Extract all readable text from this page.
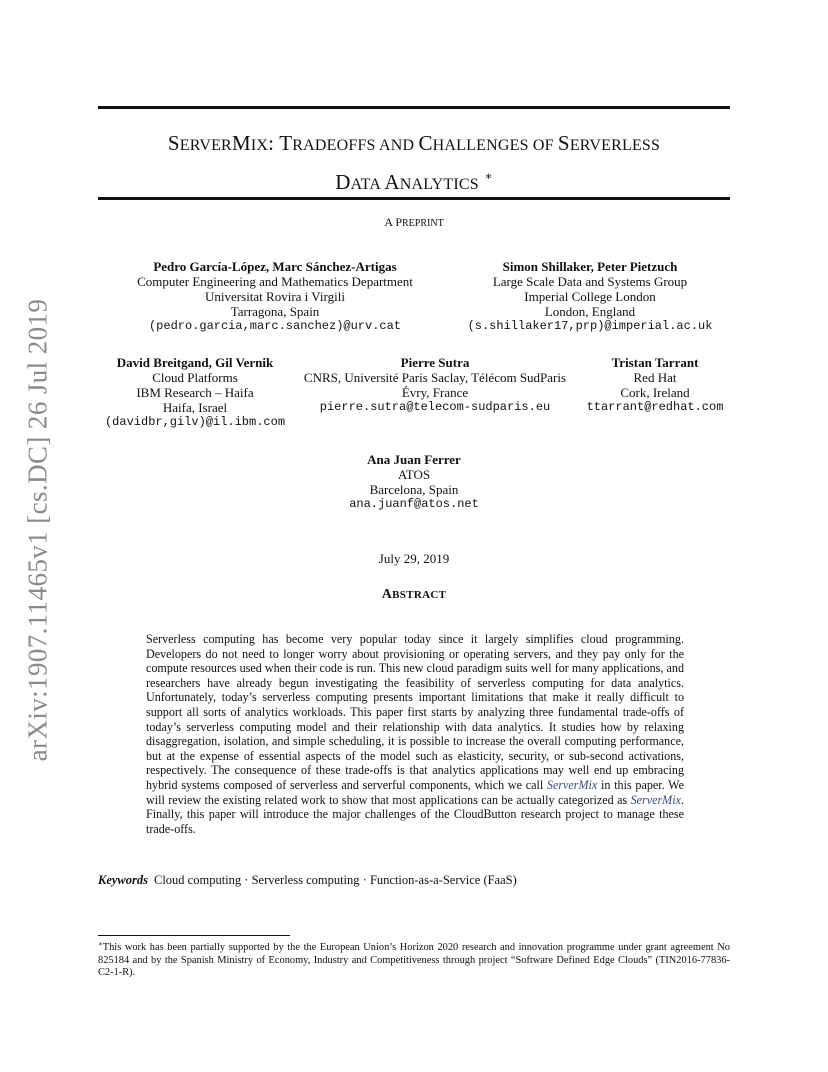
arXiv:1907.11465v1 [cs.DC] 26 Jul 2019
SERVERMIX: TRADEOFFS AND CHALLENGES OF SERVERLESS
DATA ANALYTICS ∗
A PREPRINT
Pedro García-López, Marc Sánchez-Artigas
Computer Engineering and Mathematics Department
Universitat Rovira i Virgili
Tarragona, Spain
(pedro.garcia,marc.sanchez)@urv.cat
Simon Shillaker, Peter Pietzuch
Large Scale Data and Systems Group
Imperial College London
London, England
(s.shillaker17,prp)@imperial.ac.uk
David Breitgand, Gil Vernik
Cloud Platforms
IBM Research – Haifa
Haifa, Israel
(davidbr,gilv)@il.ibm.com
Pierre Sutra
CNRS, Université Paris Saclay, Télécom SudParis
Évry, France
pierre.sutra@telecom-sudparis.eu
Tristan Tarrant
Red Hat
Cork, Ireland
ttarrant@redhat.com
Ana Juan Ferrer
ATOS
Barcelona, Spain
ana.juanf@atos.net
July 29, 2019
ABSTRACT
Serverless computing has become very popular today since it largely simplifies cloud programming. Developers do not need to longer worry about provisioning or operating servers, and they pay only for the compute resources used when their code is run. This new cloud paradigm suits well for many applications, and researchers have already begun investigating the feasibility of serverless computing for data analytics. Unfortunately, today’s serverless computing presents important limitations that make it really difficult to support all sorts of analytics workloads. This paper first starts by analyzing three fundamental trade-offs of today’s serverless computing model and their relationship with data analytics. It studies how by relaxing disaggregation, isolation, and simple scheduling, it is possible to increase the overall computing performance, but at the expense of essential aspects of the model such as elasticity, security, or sub-second activations, respectively. The consequence of these trade-offs is that analytics applications may well end up embracing hybrid systems composed of serverless and serverful components, which we call ServerMix in this paper. We will review the existing related work to show that most applications can be actually categorized as ServerMix. Finally, this paper will introduce the major challenges of the CloudButton research project to manage these trade-offs.
Keywords Cloud computing · Serverless computing · Function-as-a-Service (FaaS)
∗This work has been partially supported by the the European Union’s Horizon 2020 research and innovation programme under grant agreement No 825184 and by the Spanish Ministry of Economy, Industry and Competitiveness through project “Software Defined Edge Clouds” (TIN2016-77836-C2-1-R).
